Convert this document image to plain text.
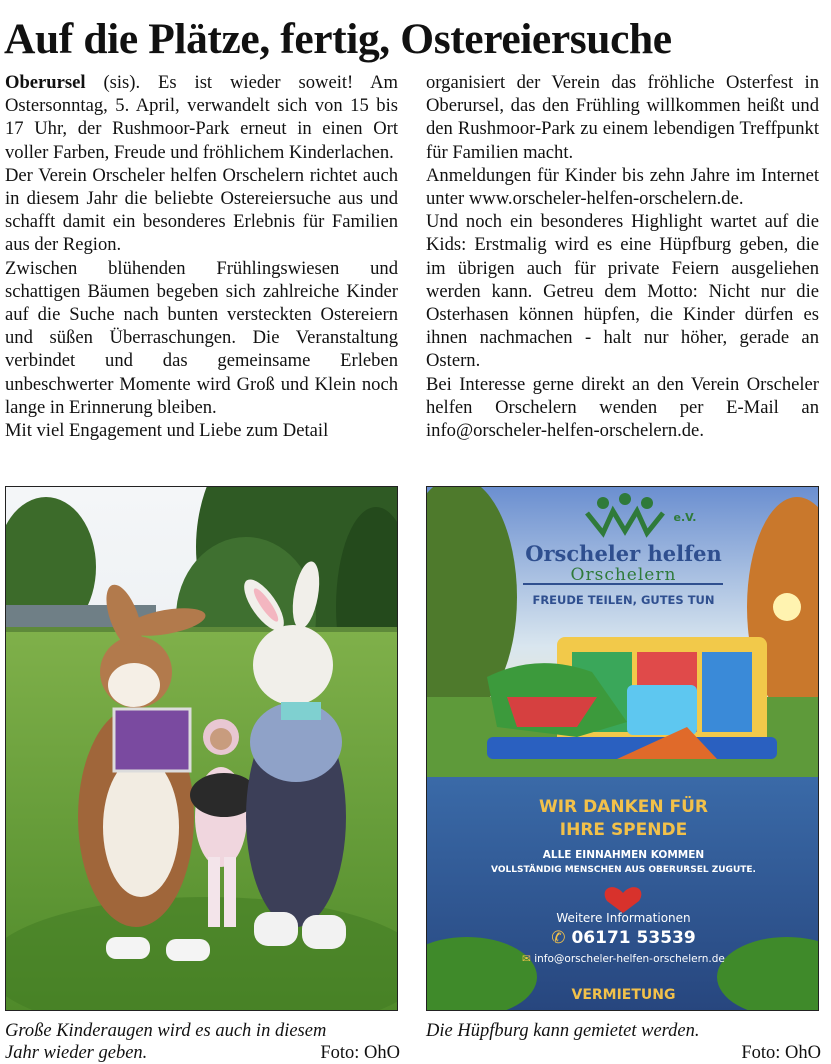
Auf die Plätze, fertig, Ostereiersuche

Oberursel (sis). Es ist wieder soweit! Am Ostersonntag, 5. April, verwandelt sich von 15 bis 17 Uhr, der Rushmoor-Park erneut in einen Ort voller Farben, Freude und fröhlichem Kinderlachen.

Der Verein Orscheler helfen Orschelern richtet auch in diesem Jahr die beliebte Ostereiersuche aus und schafft damit ein besonderes Erlebnis für Familien aus der Region.

Zwischen blühenden Frühlingswiesen und schattigen Bäumen begeben sich zahlreiche Kinder auf die Suche nach bunten versteckten Ostereiern und süßen Überraschungen. Die Veranstaltung verbindet und das gemeinsame Erleben unbeschwerter Momente wird Groß und Klein noch lange in Erinnerung bleiben.

Mit viel Engagement und Liebe zum Detail

organisiert der Verein das fröhliche Osterfest in Oberursel, das den Frühling willkommen heißt und den Rushmoor-Park zu einem lebendigen Treffpunkt für Familien macht.

Anmeldungen für Kinder bis zehn Jahre im Internet unter www.orscheler-helfen-orschelern.de.

Und noch ein besonderes Highlight wartet auf die Kids: Erstmalig wird es eine Hüpfburg geben, die im übrigen auch für private Feiern ausgeliehen werden kann. Getreu dem Motto: Nicht nur die Osterhasen können hüpfen, die Kinder dürfen es ihnen nachmachen - halt nur höher, gerade an Ostern.

Bei Interesse gerne direkt an den Verein Orscheler helfen Orschelern wenden per E-Mail an info@orscheler-helfen-orschelern.de.

e.V.
Orscheler helfen
Orschelern
FREUDE TEILEN, GUTES TUN
WIR DANKEN FÜR
IHRE SPENDE
ALLE EINNAHMEN KOMMEN
VOLLSTÄNDIG MENSCHEN AUS OBERURSEL ZUGUTE.
Weitere Informationen
✆ 06171 53539
✉ info@orscheler-helfen-orschelern.de
VERMIETUNG
Große Kinderaugen wird es auch in diesem
Jahr wieder geben.	Foto: OhO
Die Hüpfburg kann gemietet werden.
Foto: OhO
